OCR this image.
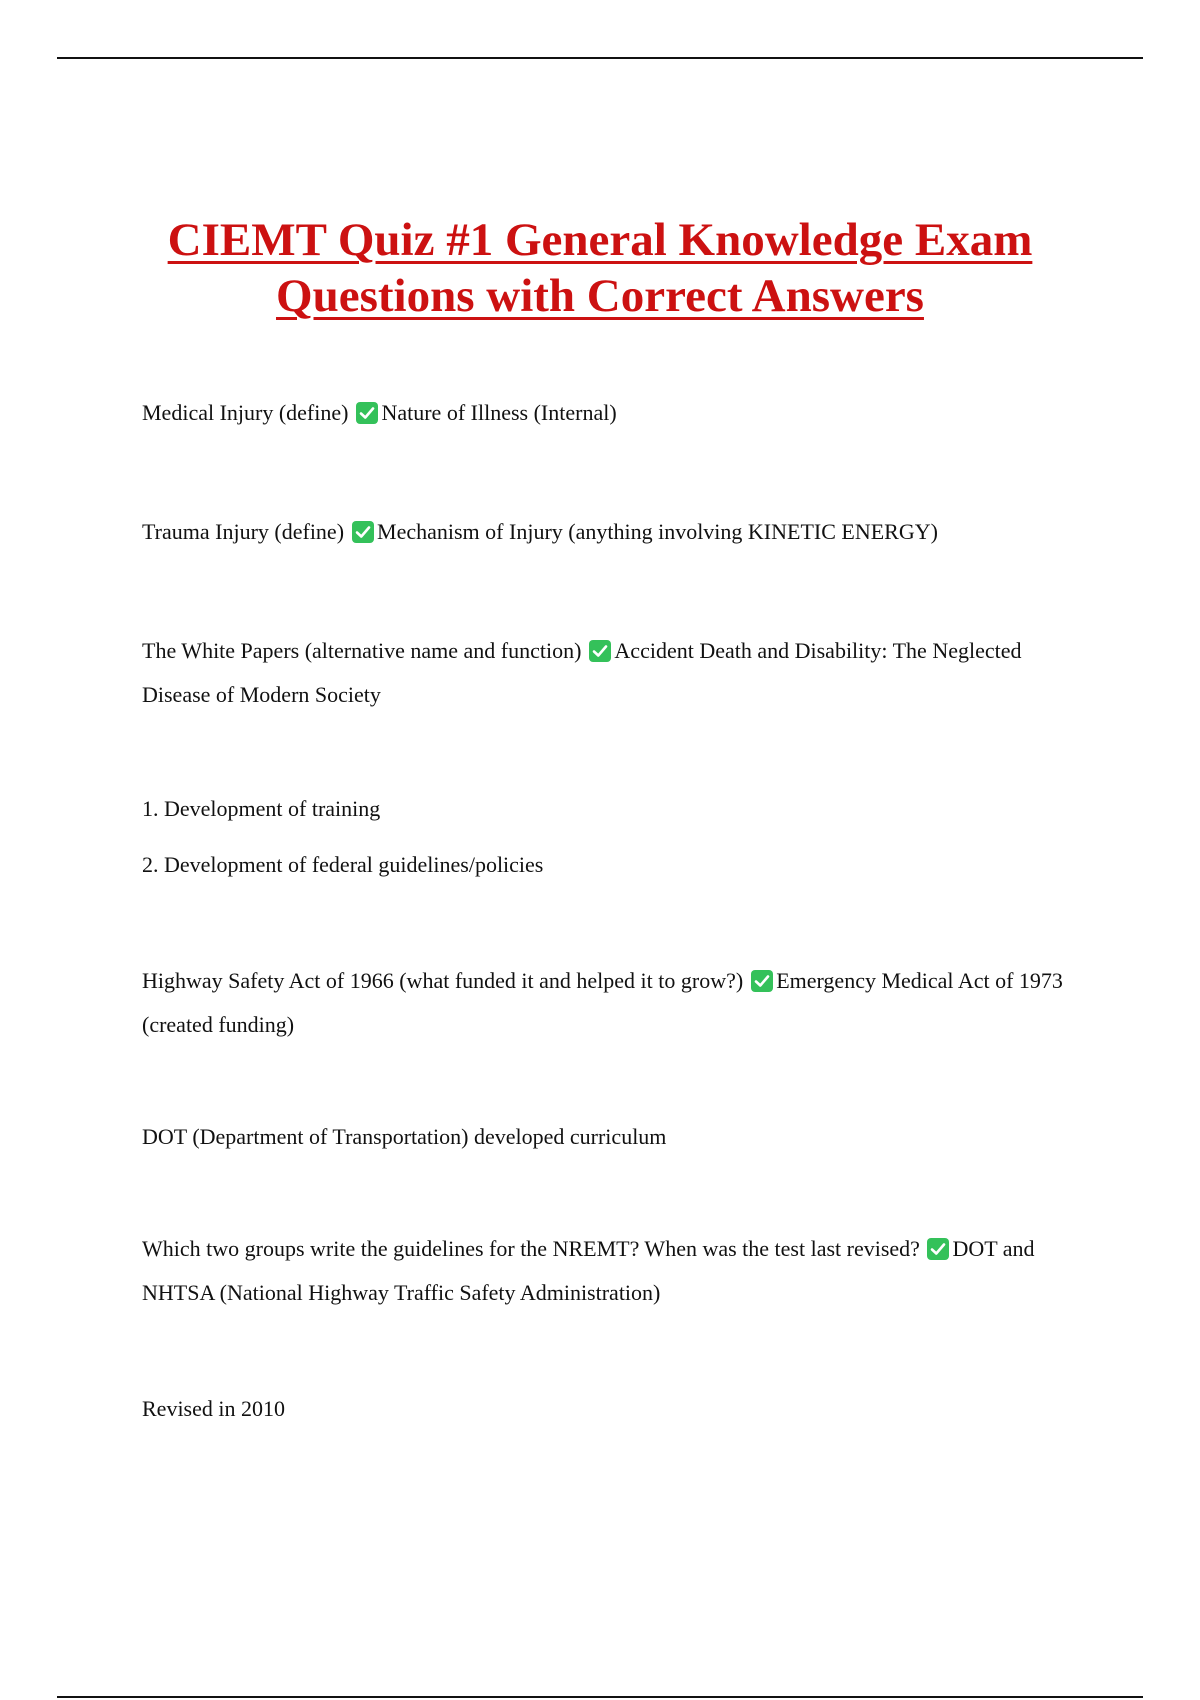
CIEMT Quiz #1 General Knowledge Exam
Questions with Correct Answers

Medical Injury (define) Nature of Illness (Internal)

Trauma Injury (define) Mechanism of Injury (anything involving KINETIC ENERGY)

The White Papers (alternative name and function) Accident Death and Disability: The Neglected Disease of Modern Society

1. Development of training

2. Development of federal guidelines/policies

Highway Safety Act of 1966 (what funded it and helped it to grow?) Emergency Medical Act of 1973 (created funding)

DOT (Department of Transportation) developed curriculum

Which two groups write the guidelines for the NREMT? When was the test last revised? DOT and NHTSA (National Highway Traffic Safety Administration)

Revised in 2010
